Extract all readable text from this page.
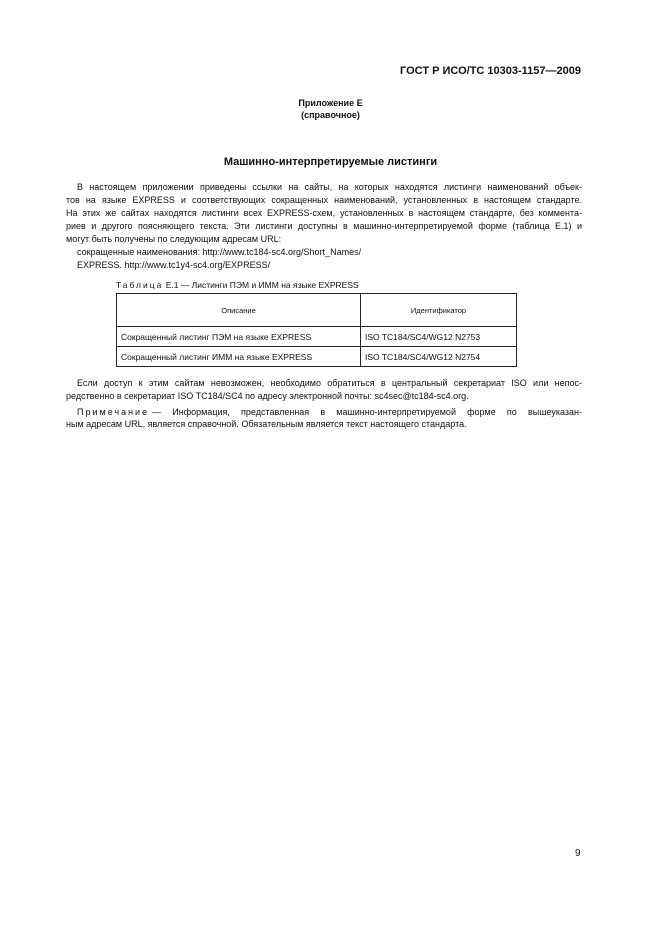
ГОСТ Р ИСО/ТС 10303-1157—2009
Приложение Е
(справочное)
Машинно-интерпретируемые листинги
В настоящем приложении приведены ссылки на сайты, на которых находятся листинги наименований объек-
тов на языке EXPRESS и соответствующих сокращенных наименований, установленных в настоящем стандарте.
На этих же сайтах находятся листинги всех EXPRESS-схем, установленных в настоящем стандарте, без коммента-
риев и другого поясняющего текста. Эти листинги доступны в машинно-интерпретируемой форме (таблица Е.1) и
могут быть получены по следующим адресам URL:
сокращенные наименования: http://www.tc184-sc4.org/Short_Names/
EXPRESS. http://www.tc1y4-sc4.org/EXPRESS/
Таблица Е.1 — Листинги ПЭМ и ИММ на языке EXPRESS
Описание	Идентификатор
Сокращенный листинг ПЭМ на языке EXPRESS	ISO TC184/SC4/WG12 N2753
Сокращенный листинг ИММ на языке EXPRESS	ISO TC184/SC4/WG12 N2754
Если доступ к этим сайтам невозможен, необходимо обратиться в центральный секретариат ISO или непос-
редственно в секретариат ISO TC184/SC4 по адресу электронной почты: sc4sec@tc184-sc4.org.
Примечание — Информация, представленная в машинно-интерпретируемой форме по вышеуказан-
ным адресам URL, является справочной. Обязательным является текст настоящего стандарта.
9
